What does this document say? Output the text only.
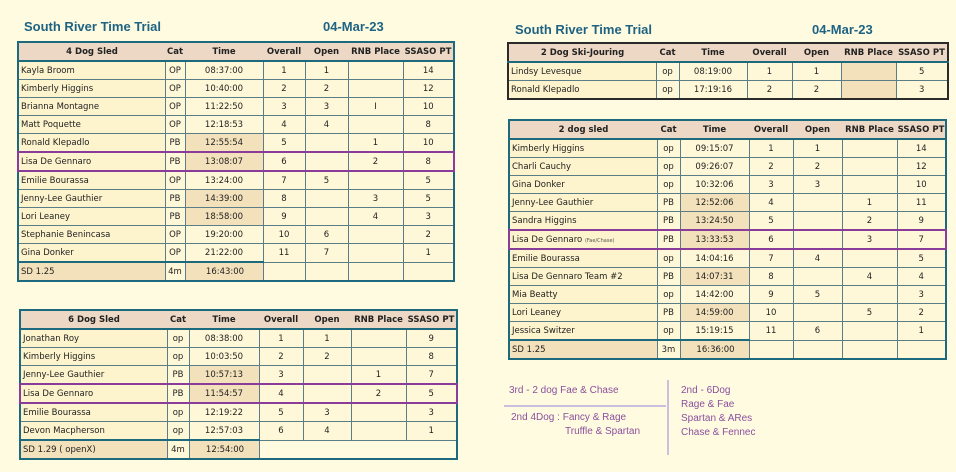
South River Time Trial	04-Mar-23	South River Time Trial	04-Mar-23
4 Dog Sled	Cat	Time	Overall	Open	RNB Place	SSASO PT
Kayla Broom	OP	08:37:00	1	1		14
Kimberly Higgins	OP	10:40:00	2	2		12
Brianna Montagne	OP	11:22:50	3	3	I	10
Matt Poquette	OP	12:18:53	4	4		8
Ronald Klepadlo	PB	12:55:54	5		1	10
Lisa De Gennaro	PB	13:08:07	6		2	8
Emilie Bourassa	OP	13:24:00	7	5		5
Jenny-Lee Gauthier	PB	14:39:00	8		3	5
Lori Leaney	PB	18:58:00	9		4	3
Stephanie Benincasa	OP	19:20:00	10	6		2
Gina Donker	OP	21:22:00	11	7		1
SD 1.25	4m	16:43:00				
6 Dog Sled	Cat	Time	Overall	Open	RNB Place	SSASO PT
Jonathan Roy	op	08:38:00	1	1		9
Kimberly Higgins	op	10:03:50	2	2		8
Jenny-Lee Gauthier	PB	10:57:13	3		1	7
Lisa De Gennaro	PB	11:54:57	4		2	5
Emilie Bourassa	op	12:19:22	5	3		3
Devon Macpherson	op	12:57:03	6	4		1
SD 1.29 ( openX)	4m	12:54:00				
2 Dog Ski-Jouring	Cat	Time	Overall	Open	RNB Place	SSASO PT
Lindsy Levesque	op	08:19:00	1	1		5
Ronald Klepadlo	op	17:19:16	2	2		3
2 dog sled	Cat	Time	Overall	Open	RNB Place	SSASO PT
Kimberly Higgins	op	09:15:07	1	1		14
Charli Cauchy	op	09:26:07	2	2		12
Gina Donker	op	10:32:06	3	3		10
Jenny-Lee Gauthier	PB	12:52:06	4		1	11
Sandra Higgins	PB	13:24:50	5		2	9
Lisa De Gennaro (Fae/Chase)	PB	13:33:53	6		3	7
Emilie Bourassa	op	14:04:16	7	4		5
Lisa De Gennaro Team #2	PB	14:07:31	8		4	4
Mia Beatty	op	14:42:00	9	5		3
Lori Leaney	PB	14:59:00	10		5	2
Jessica Switzer	op	15:19:15	11	6		1
SD 1.25	3m	16:36:00				
3rd - 2 dog Fae & Chase
2nd 4Dog : Fancy & Rage
Truffle & Spartan
2nd - 6Dog
Rage & Fae
Spartan & ARes
Chase & Fennec
